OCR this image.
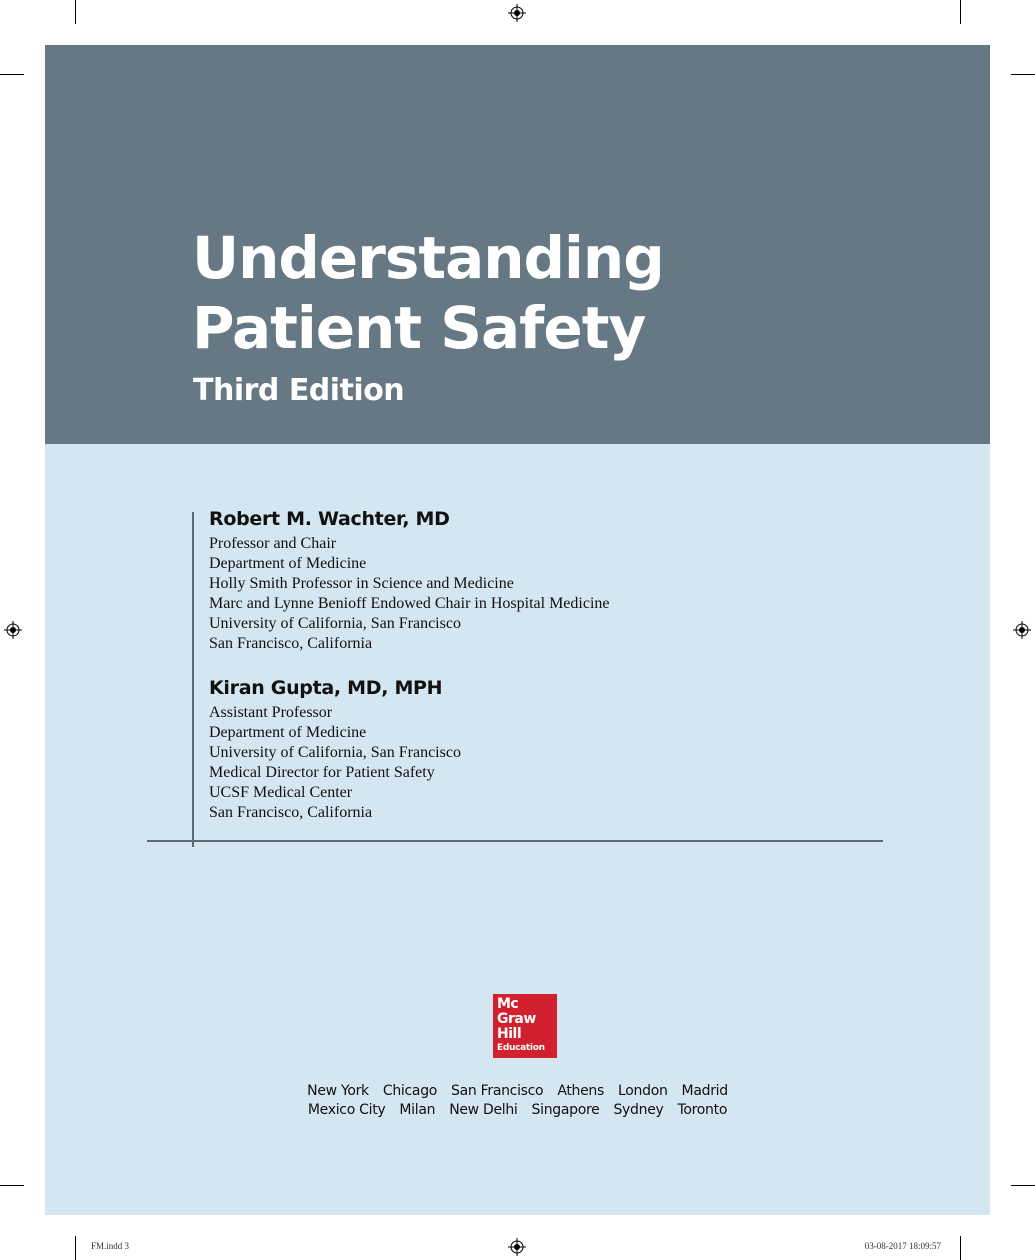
Understanding
Patient Safety
Third Edition
Robert M. Wachter, MD
Professor and Chair
Department of Medicine
Holly Smith Professor in Science and Medicine
Marc and Lynne Benioff Endowed Chair in Hospital Medicine
University of California, San Francisco
San Francisco, California
Kiran Gupta, MD, MPH
Assistant Professor
Department of Medicine
University of California, San Francisco
Medical Director for Patient Safety
UCSF Medical Center
San Francisco, California
Mc
Graw
Hill
Education
New York Chicago San Francisco Athens London Madrid
Mexico City Milan New Delhi Singapore Sydney Toronto
FM.indd 3	03-08-2017 18:09:57
